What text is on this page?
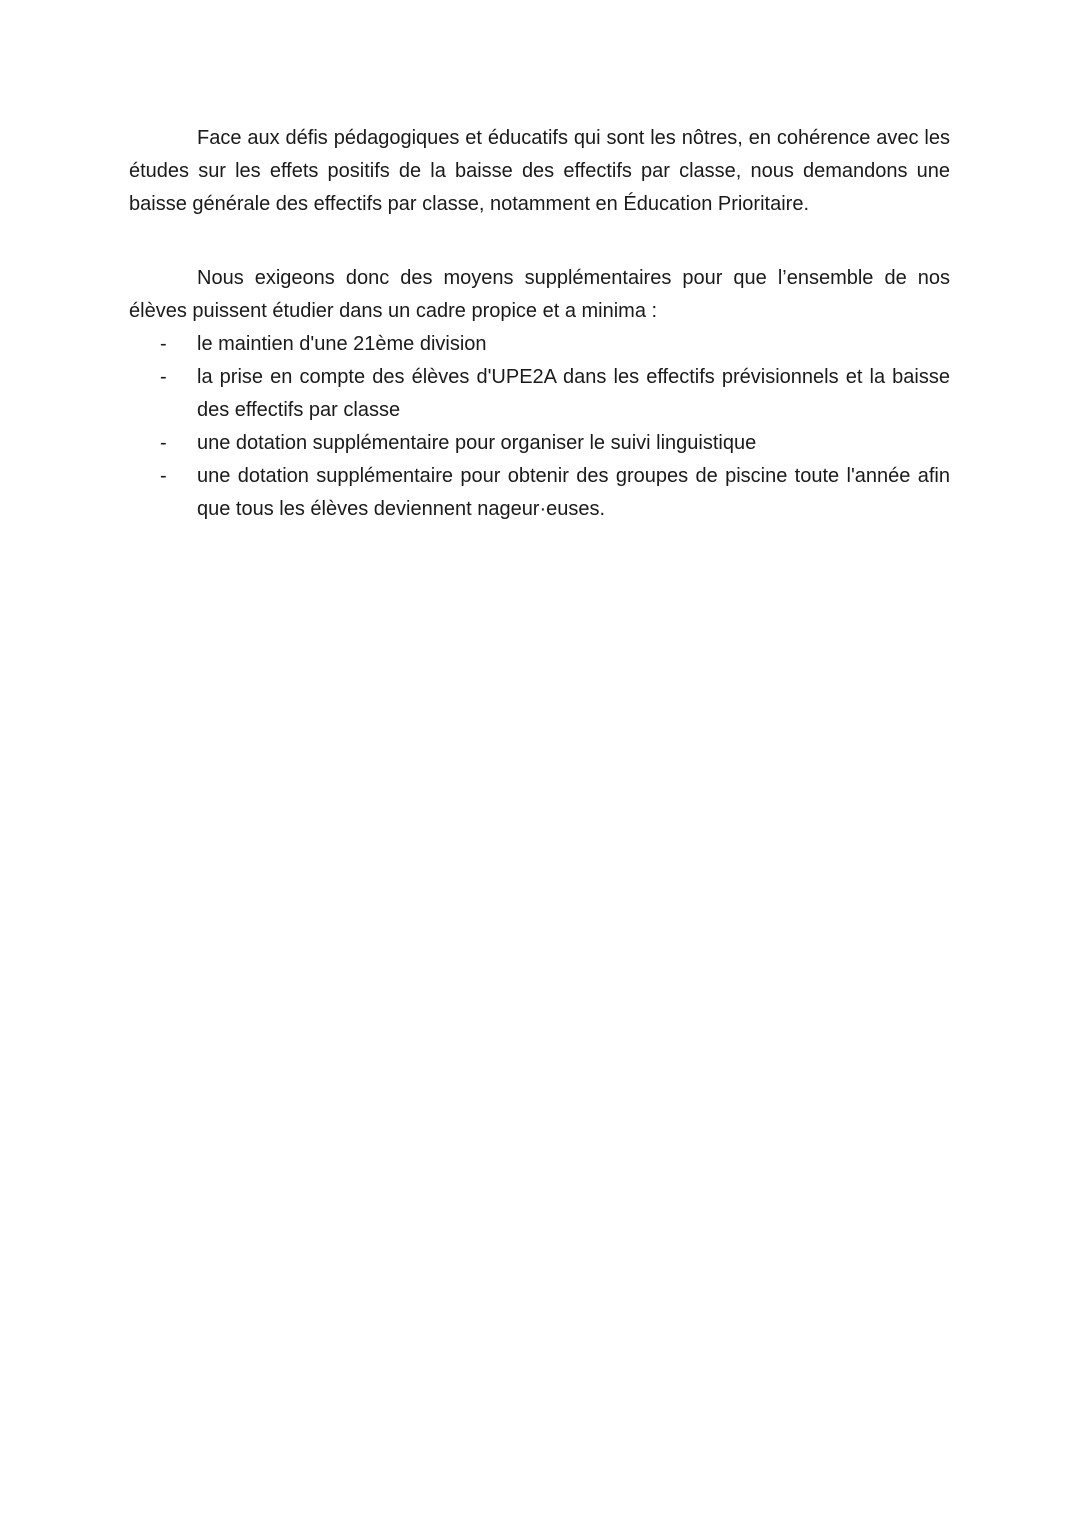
Face aux défis pédagogiques et éducatifs qui sont les nôtres, en cohérence avec les études sur les effets positifs de la baisse des effectifs par classe, nous demandons une baisse générale des effectifs par classe, notamment en Éducation Prioritaire.

Nous exigeons donc des moyens supplémentaires pour que l’ensemble de nos élèves puissent étudier dans un cadre propice et a minima :

-	le maintien d'une 21ème division
-	la prise en compte des élèves d'UPE2A dans les effectifs prévisionnels et la baisse des effectifs par classe
-	une dotation supplémentaire pour organiser le suivi linguistique
-	une dotation supplémentaire pour obtenir des groupes de piscine toute l'année afin que tous les élèves deviennent nageur·euses.
